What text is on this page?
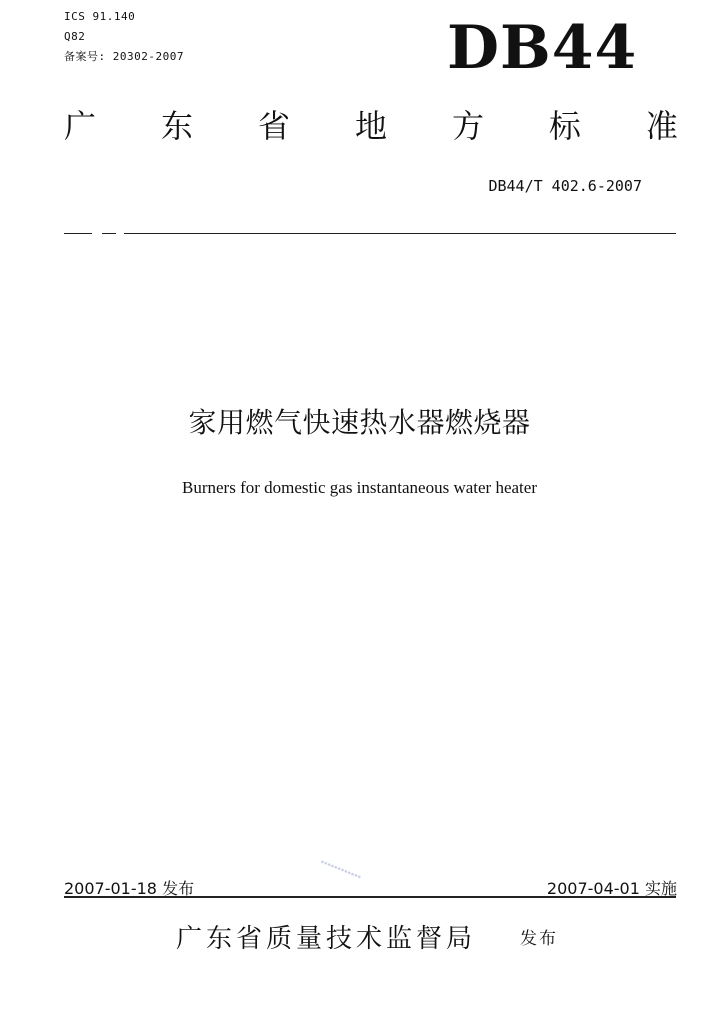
ICS 91.140
Q82
备案号: 20302-2007	DB44
广 东 省 地 方 标 准
DB44/T 402.6-2007
家用燃气快速热水器燃烧器
Burners for domestic gas instantaneous water heater
▪▪▪▪▪▪▪▪▪▪▪▪
2007-01-18 发布	2007-04-01 实施
广东省质量技术监督局	发布
